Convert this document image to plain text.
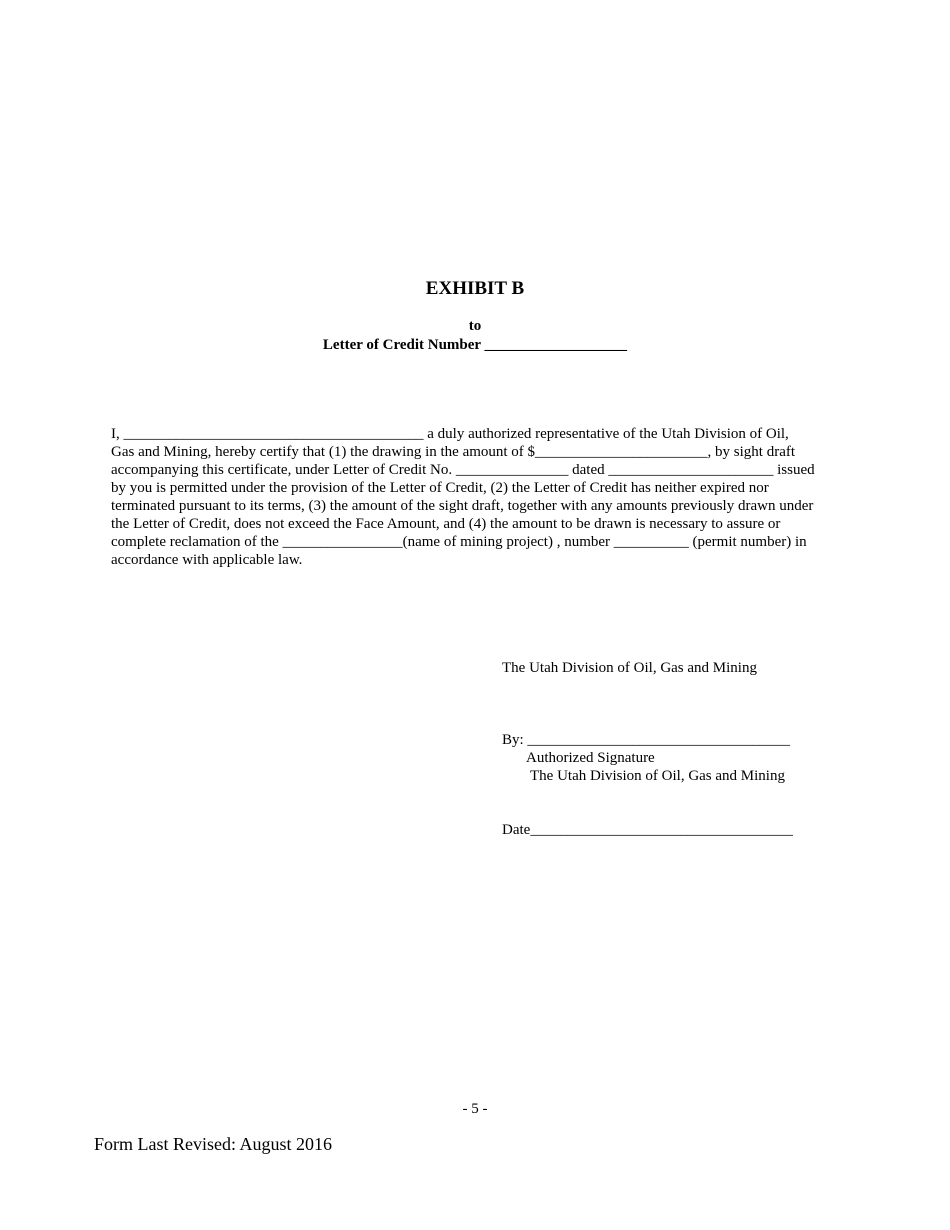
EXHIBIT B
to
Letter of Credit Number ___________________
I, ________________________________________ a duly authorized representative of the Utah Division of Oil,
Gas and Mining, hereby certify that (1) the drawing in the amount of $_______________________, by sight draft
accompanying this certificate, under Letter of Credit No. _______________ dated ______________________ issued
by you is permitted under the provision of the Letter of Credit, (2) the Letter of Credit has neither expired nor
terminated pursuant to its terms, (3) the amount of the sight draft, together with any amounts previously drawn under
the Letter of Credit, does not exceed the Face Amount, and (4) the amount to be drawn is necessary to assure or
complete reclamation of the ________________(name of mining project) , number __________ (permit number) in
accordance with applicable law.
The Utah Division of Oil, Gas and Mining
By: ___________________________________
Authorized Signature
The Utah Division of Oil, Gas and Mining
Date___________________________________
- 5 -
Form Last Revised: August 2016
